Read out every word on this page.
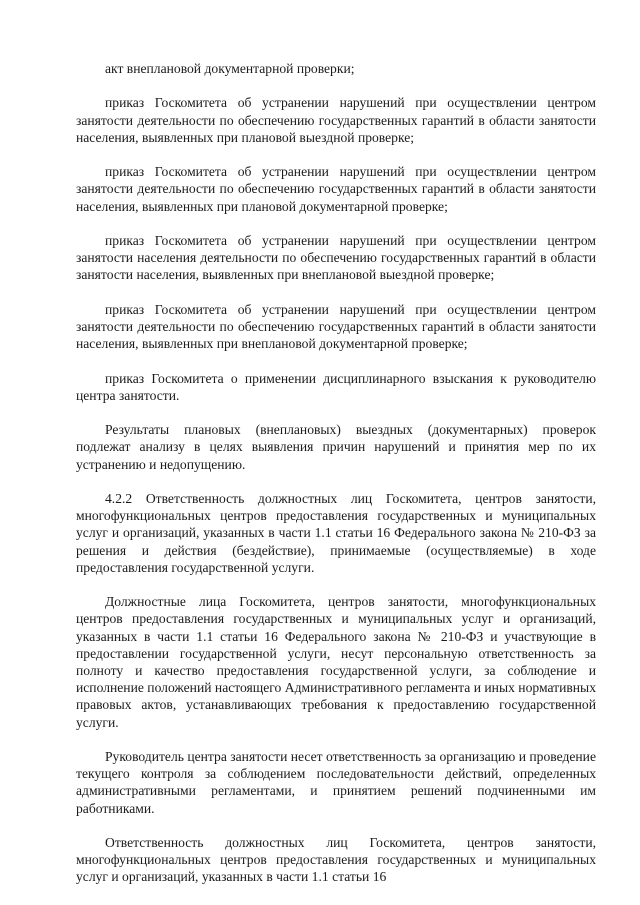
акт внеплановой документарной проверки;

приказ Госкомитета об устранении нарушений при осуществлении центром занятости деятельности по обеспечению государственных гарантий в области занятости населения, выявленных при плановой выездной проверке;

приказ Госкомитета об устранении нарушений при осуществлении центром занятости деятельности по обеспечению государственных гарантий в области занятости населения, выявленных при плановой документарной проверке;

приказ Госкомитета об устранении нарушений при осуществлении центром занятости населения деятельности по обеспечению государственных гарантий в области занятости населения, выявленных при внеплановой выездной проверке;

приказ Госкомитета об устранении нарушений при осуществлении центром занятости деятельности по обеспечению государственных гарантий в области занятости населения, выявленных при внеплановой документарной проверке;

приказ Госкомитета о применении дисциплинарного взыскания к руководителю центра занятости.

Результаты плановых (внеплановых) выездных (документарных) проверок подлежат анализу в целях выявления причин нарушений и принятия мер по их устранению и недопущению.

4.2.2 Ответственность должностных лиц Госкомитета, центров занятости, многофункциональных центров предоставления государственных и муниципальных услуг и организаций, указанных в части 1.1 статьи 16 Федерального закона № 210-ФЗ за решения и действия (бездействие), принимаемые (осуществляемые) в ходе предоставления государственной услуги.

Должностные лица Госкомитета, центров занятости, многофункциональных центров предоставления государственных и муниципальных услуг и организаций, указанных в части 1.1 статьи 16 Федерального закона № 210-ФЗ и участвующие в предоставлении государственной услуги, несут персональную ответственность за полноту и качество предоставления государственной услуги, за соблюдение и исполнение положений настоящего Административного регламента и иных нормативных правовых актов, устанавливающих требования к предоставлению государственной услуги.

Руководитель центра занятости несет ответственность за организацию и проведение текущего контроля за соблюдением последовательности действий, определенных административными регламентами, и принятием решений подчиненными им работниками.

Ответственность должностных лиц Госкомитета, центров занятости, многофункциональных центров предоставления государственных и муниципальных услуг и организаций, указанных в части 1.1 статьи 16
